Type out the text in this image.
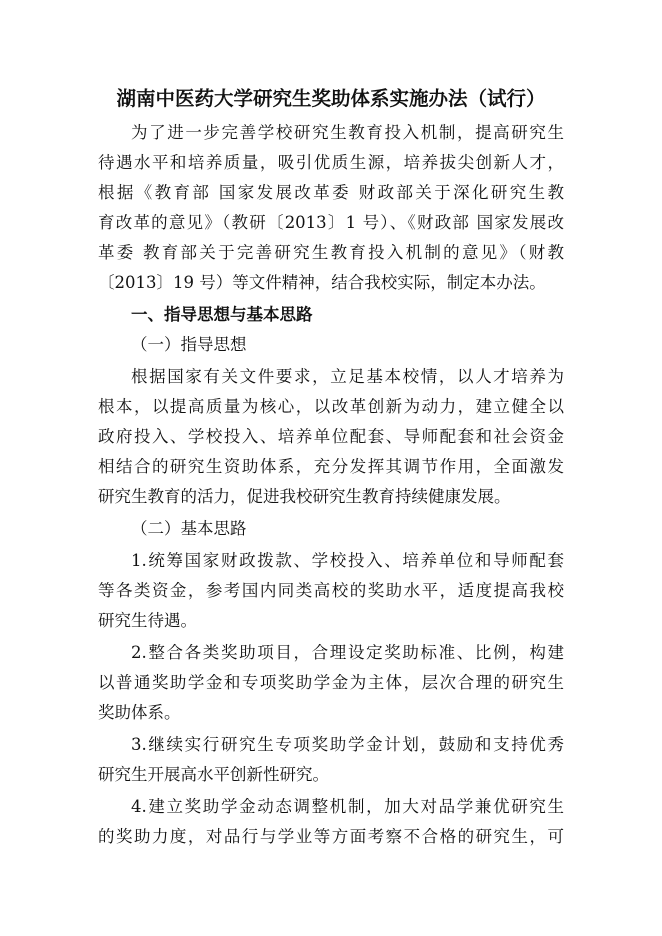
湖南中医药大学研究生奖助体系实施办法（试行）
为了进一步完善学校研究生教育投入机制，提高研究生
待遇水平和培养质量，吸引优质生源，培养拔尖创新人才，
根据《教育部 国家发展改革委 财政部关于深化研究生教
育改革的意见》（教研〔2013〕1 号）、《财政部 国家发展改
革委 教育部关于完善研究生教育投入机制的意见》（财教
〔2013〕19 号）等文件精神，结合我校实际，制定本办法。
一、指导思想与基本思路
（一）指导思想
根据国家有关文件要求，立足基本校情，以人才培养为
根本，以提高质量为核心，以改革创新为动力，建立健全以
政府投入、学校投入、培养单位配套、导师配套和社会资金
相结合的研究生资助体系，充分发挥其调节作用，全面激发
研究生教育的活力，促进我校研究生教育持续健康发展。
（二）基本思路
1.统筹国家财政拨款、学校投入、培养单位和导师配套
等各类资金，参考国内同类高校的奖助水平，适度提高我校
研究生待遇。
2.整合各类奖助项目，合理设定奖助标准、比例，构建
以普通奖助学金和专项奖助学金为主体，层次合理的研究生
奖助体系。
3.继续实行研究生专项奖助学金计划，鼓励和支持优秀
研究生开展高水平创新性研究。
4.建立奖助学金动态调整机制，加大对品学兼优研究生
的奖助力度，对品行与学业等方面考察不合格的研究生，可
